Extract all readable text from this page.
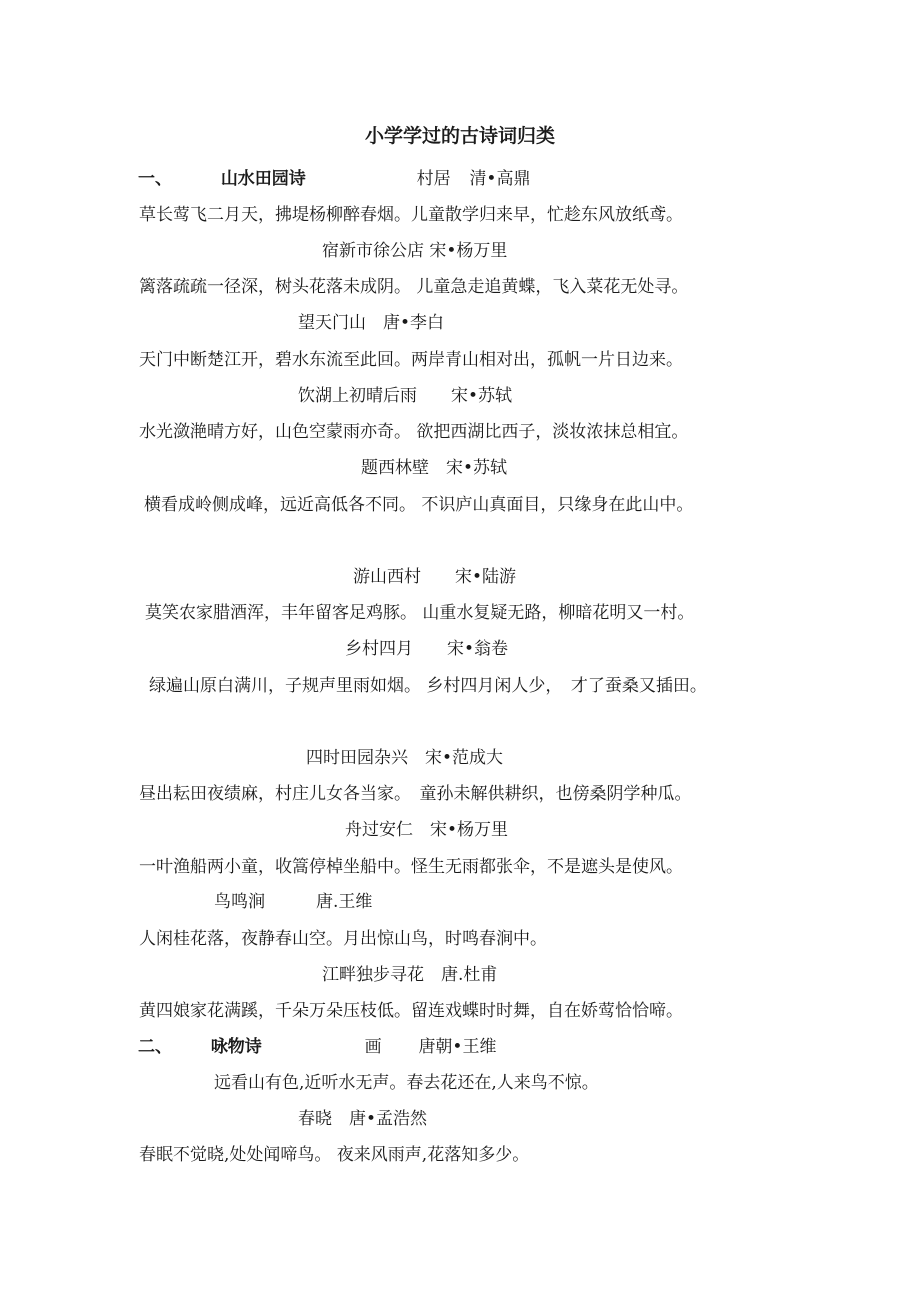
小学学过的古诗词归类
一、	山水田园诗	村居 清•高鼎
草长莺飞二月天，拂堤杨柳醉春烟。儿童散学归来早，忙趁东风放纸鸢。
宿新市徐公店 宋•杨万里
篱落疏疏一径深，树头花落未成阴。 儿童急走追黄蝶，飞入菜花无处寻。
望天门山　唐•李白
天门中断楚江开，碧水东流至此回。两岸青山相对出，孤帆一片日边来。
饮湖上初晴后雨　　宋•苏轼
水光潋滟晴方好，山色空蒙雨亦奇。 欲把西湖比西子，淡妆浓抹总相宜。
题西林壁　宋•苏轼
横看成岭侧成峰，远近高低各不同。 不识庐山真面目，只缘身在此山中。
游山西村　　宋•陆游
莫笑农家腊酒浑，丰年留客足鸡豚。 山重水复疑无路，柳暗花明又一村。
乡村四月　　宋•翁卷
绿遍山原白满川，子规声里雨如烟。 乡村四月闲人少，　才了蚕桑又插田。
四时田园杂兴　宋•范成大
昼出耘田夜绩麻，村庄儿女各当家。　童孙未解供耕织，也傍桑阴学种瓜。
舟过安仁　宋•杨万里
一叶渔船两小童，收篙停棹坐船中。怪生无雨都张伞，不是遮头是使风。
鸟鸣涧　　　唐.王维
人闲桂花落，夜静春山空。月出惊山鸟，时鸣春涧中。
江畔独步寻花　唐.杜甫
黄四娘家花满蹊，千朵万朵压枝低。留连戏蝶时时舞，自在娇莺恰恰啼。
二、 咏物诗	画 唐朝•王维
远看山有色,近听水无声。春去花还在,人来鸟不惊。
春晓　唐•孟浩然
春眠不觉晓,处处闻啼鸟。 夜来风雨声,花落知多少。
